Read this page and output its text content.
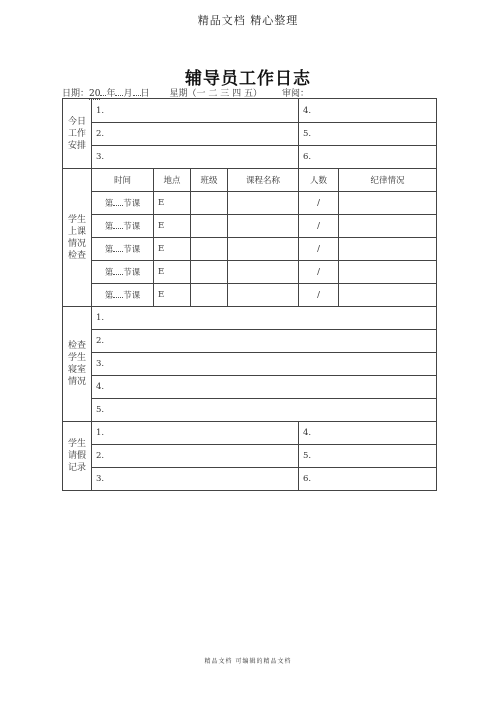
精品文档 精心整理
辅导员工作日志
日期：20 年 月 日 星期（一 二 三 四 五） 审阅：
今日工作安排	1.				4.	
	2.				5.	
	3.				6.	
学生上课情况检查	时间	地点	班级	课程名称	人数	纪律情况
	第 节课	E			/	
	第 节课	E			/	
	第 节课	E			/	
	第 节课	E			/	
	第 节课	E			/	
检查学生寝室情况	1.					
	2.					
	3.					
	4.					
	5.					
学生请假记录	1.				4.	
	2.				5.	
	3.				6.	
精品文档 可编辑的精品文档
